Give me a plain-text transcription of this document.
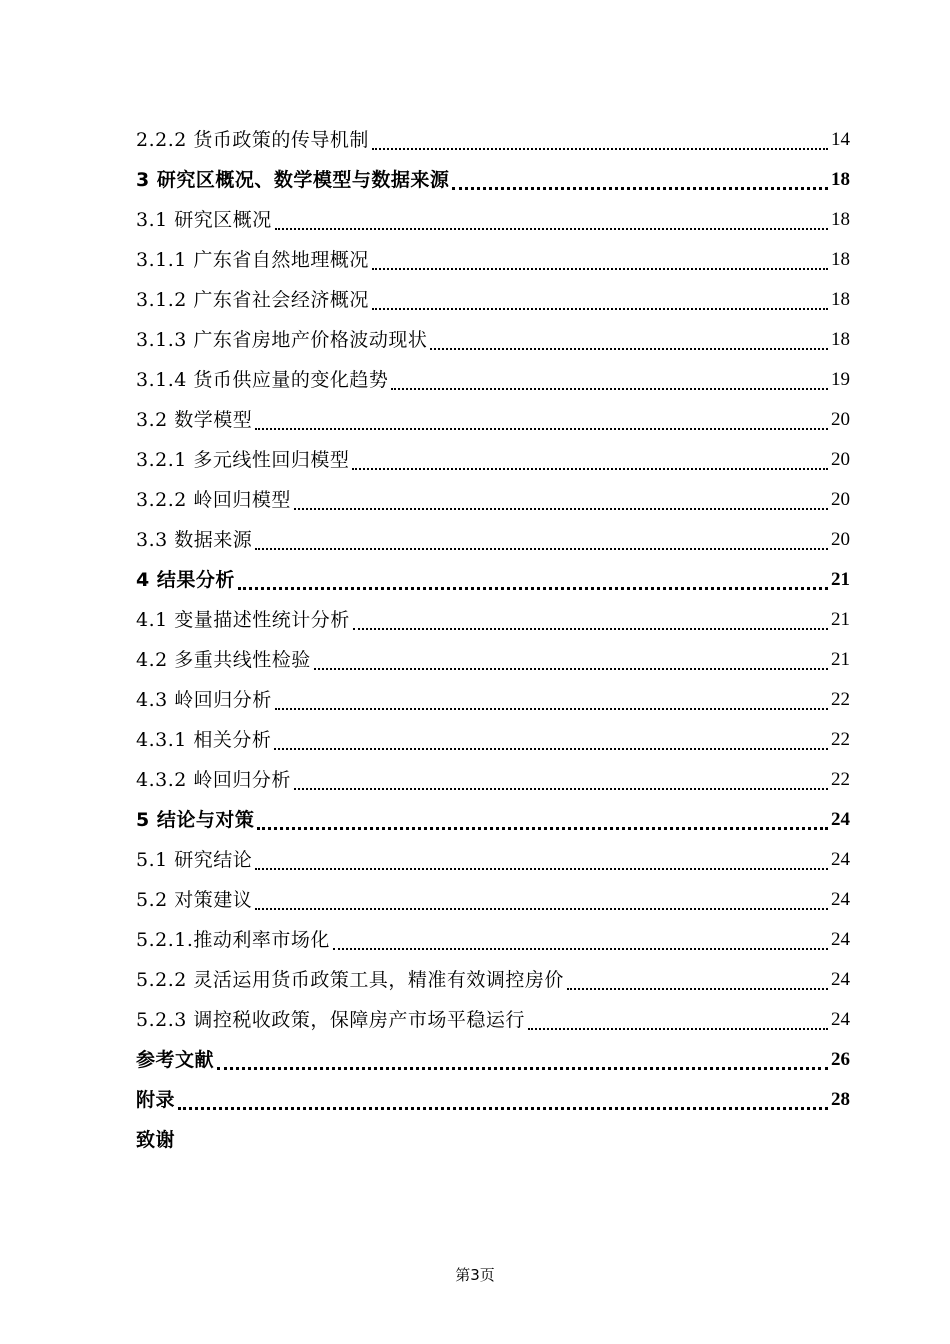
2.2.2 货币政策的传导机制	14
3 研究区概况、数学模型与数据来源	18
3.1 研究区概况	18
3.1.1 广东省自然地理概况	18
3.1.2 广东省社会经济概况	18
3.1.3 广东省房地产价格波动现状	18
3.1.4 货币供应量的变化趋势	19
3.2 数学模型	20
3.2.1 多元线性回归模型	20
3.2.2 岭回归模型	20
3.3 数据来源	20
4 结果分析	21
4.1 变量描述性统计分析	21
4.2 多重共线性检验	21
4.3 岭回归分析	22
4.3.1 相关分析	22
4.3.2 岭回归分析	22
5 结论与对策	24
5.1 研究结论	24
5.2 对策建议	24
5.2.1.推动利率市场化	24
5.2.2 灵活运用货币政策工具，精准有效调控房价	24
5.2.3 调控税收政策，保障房产市场平稳运行	24
参考文献	26
附录	28
致谢
第3页
